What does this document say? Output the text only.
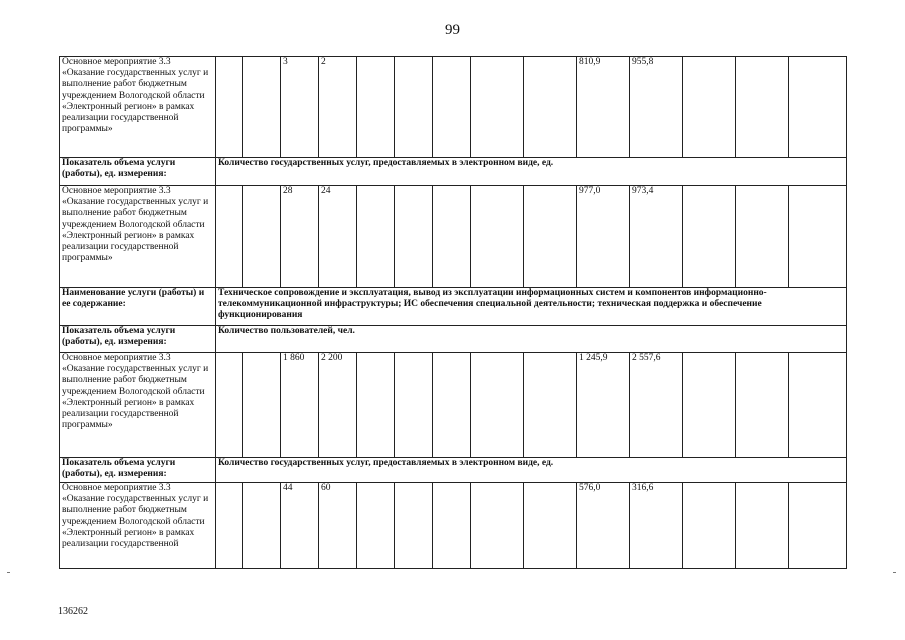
99
Основное мероприятие 3.3 «Оказание государственных услуг и выполнение работ бюджетным учреждением Вологодской области «Электронный регион» в рамках реализации государственной программы»			3	2						810,9	955,8			
Показатель объема услуги (работы), ед. измерения:	Количество государственных услуг, предоставляемых в электронном виде, ед.													
Основное мероприятие 3.3 «Оказание государственных услуг и выполнение работ бюджетным учреждением Вологодской области «Электронный регион» в рамках реализации государственной программы»			28	24						977,0	973,4			
Наименование услуги (работы) и ее содержание:	Техническое сопровождение и эксплуатация, вывод из эксплуатации информационных систем и компонентов информационно-телекоммуникационной инфраструктуры; ИС обеспечения специальной деятельности; техническая поддержка и обеспечение функционирования													
Показатель объема услуги (работы), ед. измерения:	Количество пользователей, чел.													
Основное мероприятие 3.3 «Оказание государственных услуг и выполнение работ бюджетным учреждением Вологодской области «Электронный регион» в рамках реализации государственной программы»			1 860	2 200						1 245,9	2 557,6			
Показатель объема услуги (работы), ед. измерения:	Количество государственных услуг, предоставляемых в электронном виде, ед.													
Основное мероприятие 3.3 «Оказание государственных услуг и выполнение работ бюджетным учреждением Вологодской области «Электронный регион» в рамках реализации государственной			44	60						576,0	316,6			
136262
